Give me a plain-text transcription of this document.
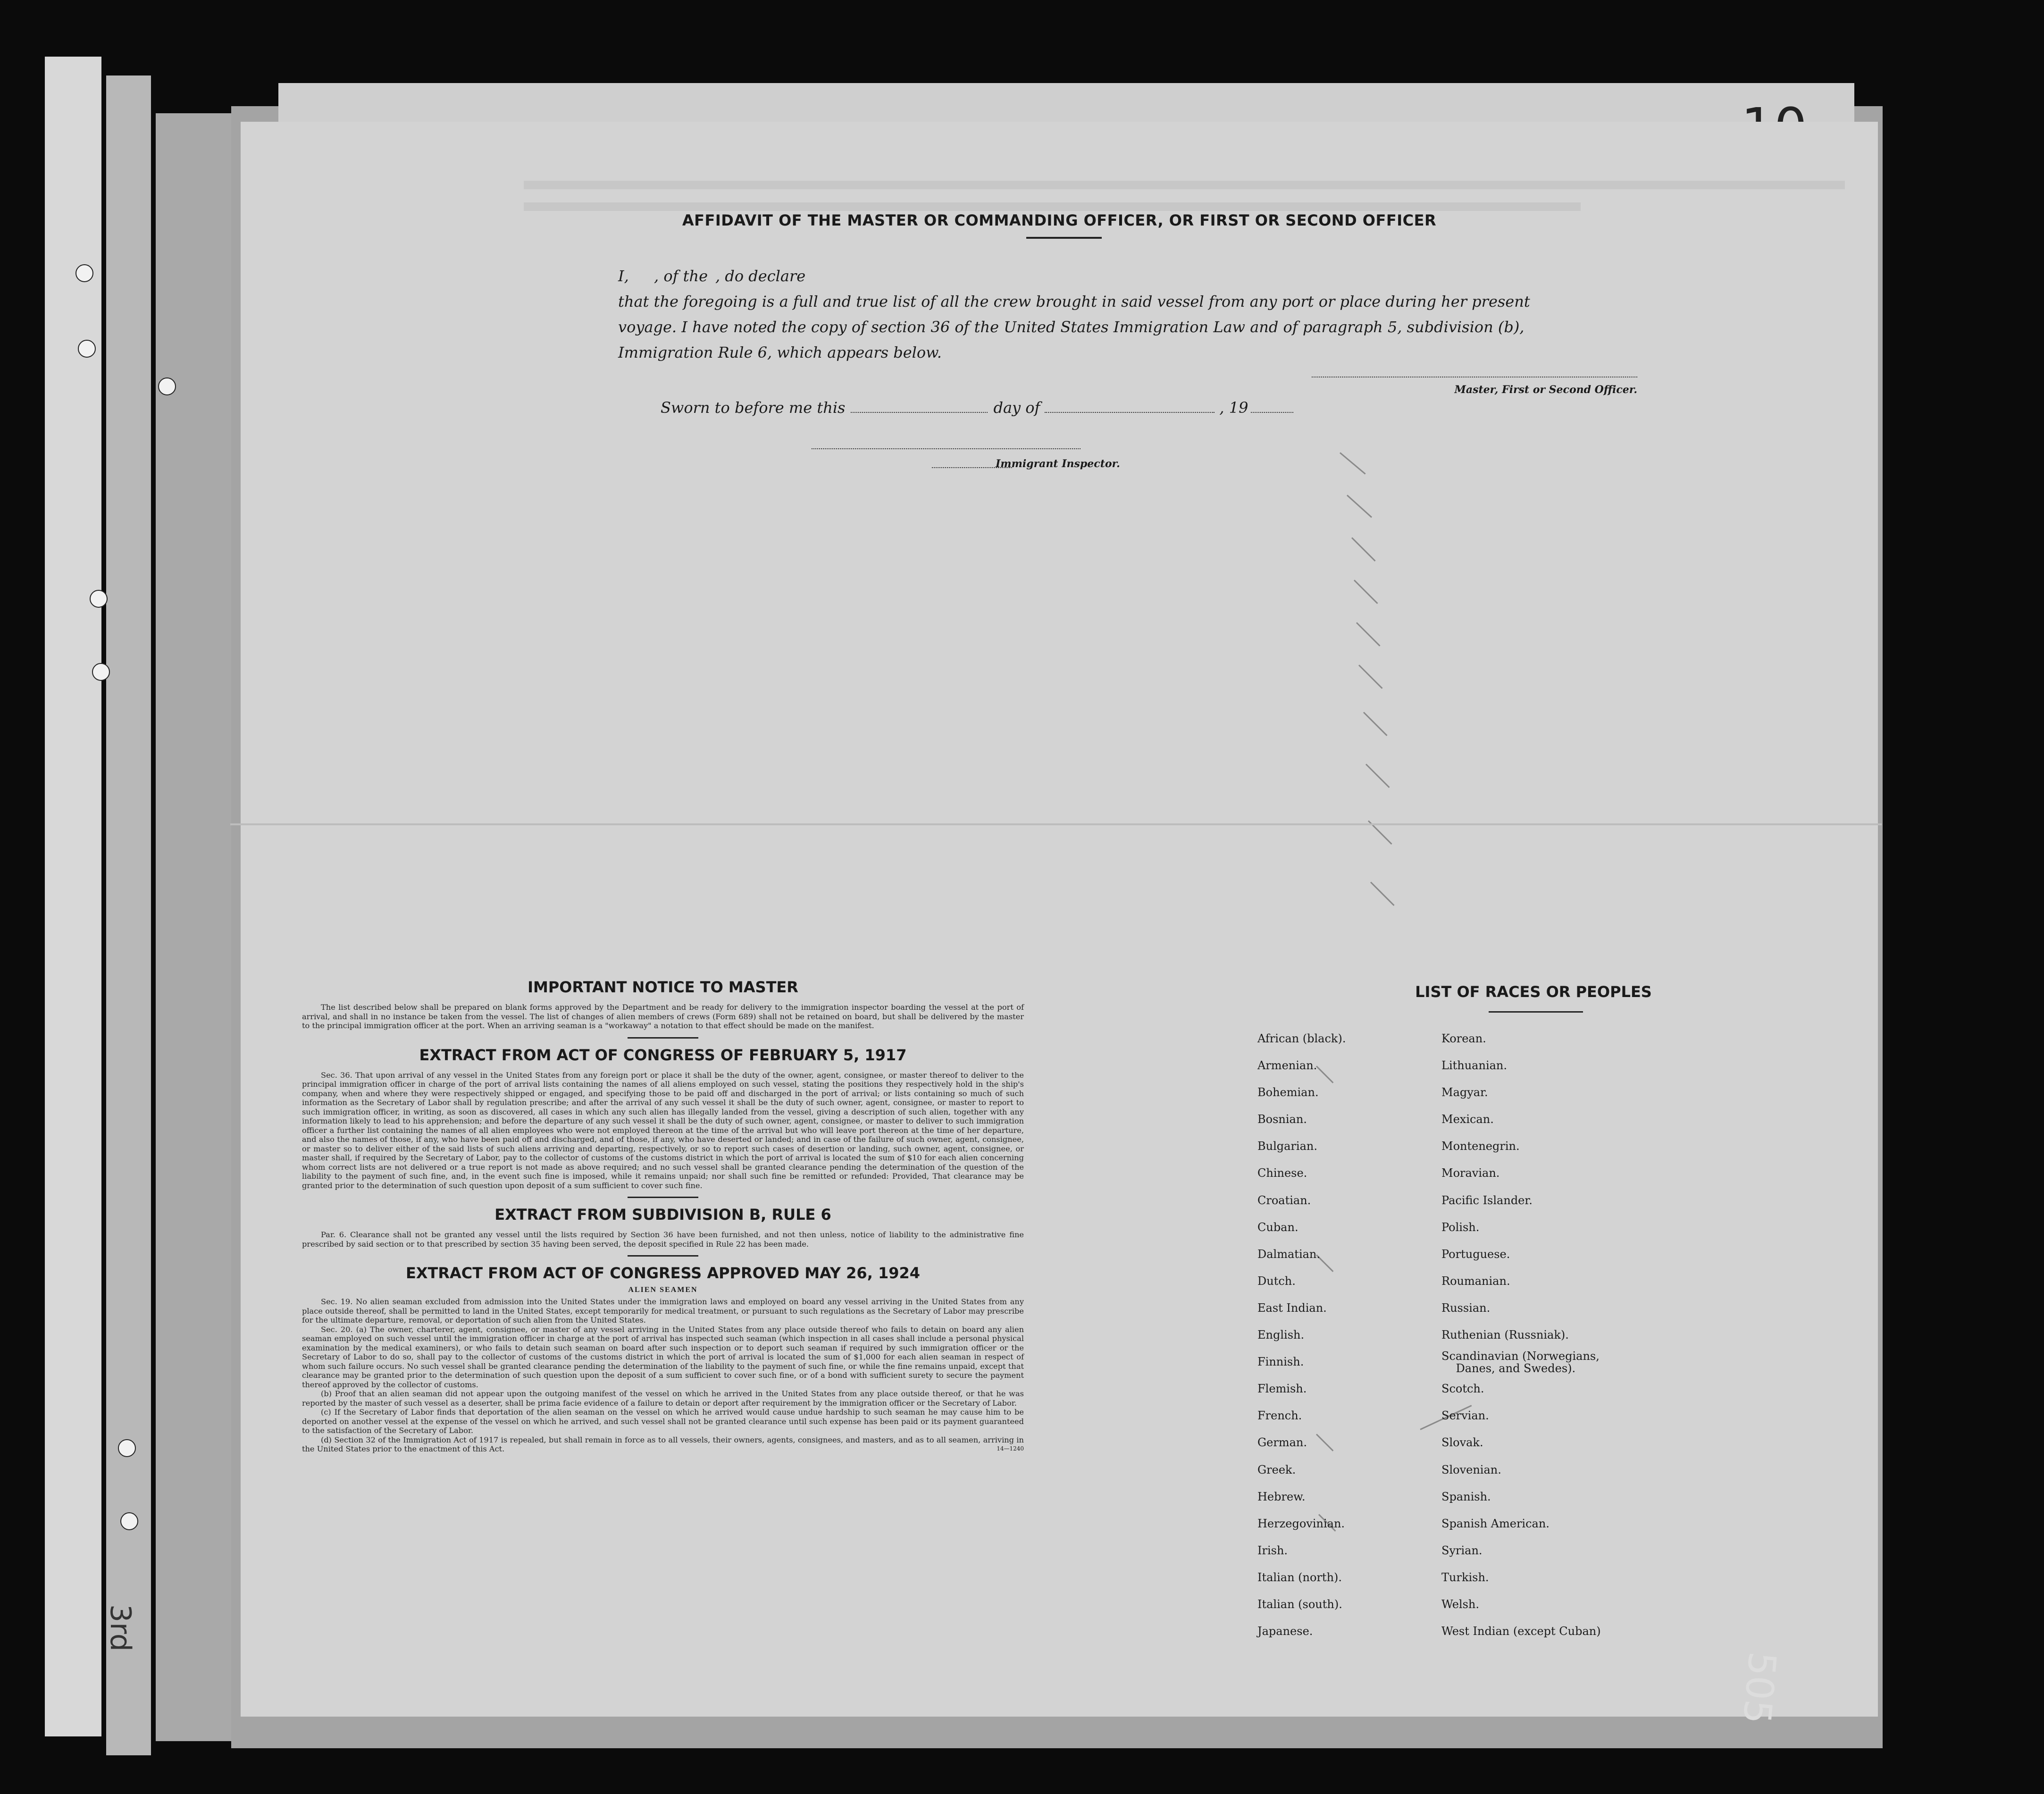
AFFIDAVIT OF THE MASTER OR COMMANDING OFFICER, OR FIRST OR SECOND OFFICER
I,	, of the , do declare

that the foregoing is a full and true list of all the crew brought in said vessel from any port or place during her present

voyage. I have noted the copy of section 36 of the United States Immigration Law and of paragraph 5, subdivision (b),

Immigration Rule 6, which appears below.

Master, First or Second Officer.
Sworn to before me this	day of	, 19
Immigrant Inspector.

IMPORTANT NOTICE TO MASTER

The list described below shall be prepared on blank forms approved by the Department and be ready for delivery to the immigration inspector boarding the vessel at the port of arrival, and shall in no instance be taken from the vessel. The list of changes of alien members of crews (Form 689) shall not be retained on board, but shall be delivered by the master to the principal immigration officer at the port. When an arriving seaman is a "workaway" a notation to that effect should be made on the manifest.

EXTRACT FROM ACT OF CONGRESS OF FEBRUARY 5, 1917

Sec. 36. That upon arrival of any vessel in the United States from any foreign port or place it shall be the duty of the owner, agent, consignee, or master thereof to deliver to the principal immigration officer in charge of the port of arrival lists containing the names of all aliens employed on such vessel, stating the positions they respectively hold in the ship's company, when and where they were respectively shipped or engaged, and specifying those to be paid off and discharged in the port of arrival; or lists containing so much of such information as the Secretary of Labor shall by regulation prescribe; and after the arrival of any such vessel it shall be the duty of such owner, agent, consignee, or master to report to such immigration officer, in writing, as soon as discovered, all cases in which any such alien has illegally landed from the vessel, giving a description of such alien, together with any information likely to lead to his apprehension; and before the departure of any such vessel it shall be the duty of such owner, agent, consignee, or master to deliver to such immigration officer a further list containing the names of all alien employees who were not employed thereon at the time of the arrival but who will leave port thereon at the time of her departure, and also the names of those, if any, who have been paid off and discharged, and of those, if any, who have deserted or landed; and in case of the failure of such owner, agent, consignee, or master so to deliver either of the said lists of such aliens arriving and departing, respectively, or so to report such cases of desertion or landing, such owner, agent, consignee, or master shall, if required by the Secretary of Labor, pay to the collector of customs of the customs district in which the port of arrival is located the sum of $10 for each alien concerning whom correct lists are not delivered or a true report is not made as above required; and no such vessel shall be granted clearance pending the determination of the question of the liability to the payment of such fine, and, in the event such fine is imposed, while it remains unpaid; nor shall such fine be remitted or refunded: Provided, That clearance may be granted prior to the determination of such question upon deposit of a sum sufficient to cover such fine.

EXTRACT FROM SUBDIVISION B, RULE 6

Par. 6. Clearance shall not be granted any vessel until the lists required by Section 36 have been furnished, and not then unless, notice of liability to the administrative fine prescribed by said section or to that prescribed by section 35 having been served, the deposit specified in Rule 22 has been made.

EXTRACT FROM ACT OF CONGRESS APPROVED MAY 26, 1924

ALIEN SEAMEN

Sec. 19. No alien seaman excluded from admission into the United States under the immigration laws and employed on board any vessel arriving in the United States from any place outside thereof, shall be permitted to land in the United States, except temporarily for medical treatment, or pursuant to such regulations as the Secretary of Labor may prescribe for the ultimate departure, removal, or deportation of such alien from the United States.

Sec. 20. (a) The owner, charterer, agent, consignee, or master of any vessel arriving in the United States from any place outside thereof who fails to detain on board any alien seaman employed on such vessel until the immigration officer in charge at the port of arrival has inspected such seaman (which inspection in all cases shall include a personal physical examination by the medical examiners), or who fails to detain such seaman on board after such inspection or to deport such seaman if required by such immigration officer or the Secretary of Labor to do so, shall pay to the collector of customs of the customs district in which the port of arrival is located the sum of $1,000 for each alien seaman in respect of whom such failure occurs. No such vessel shall be granted clearance pending the determination of the liability to the payment of such fine, or while the fine remains unpaid, except that clearance may be granted prior to the determination of such question upon the deposit of a sum sufficient to cover such fine, or of a bond with sufficient surety to secure the payment thereof approved by the collector of customs.

(b) Proof that an alien seaman did not appear upon the outgoing manifest of the vessel on which he arrived in the United States from any place outside thereof, or that he was reported by the master of such vessel as a deserter, shall be prima facie evidence of a failure to detain or deport after requirement by the immigration officer or the Secretary of Labor.

(c) If the Secretary of Labor finds that deportation of the alien seaman on the vessel on which he arrived would cause undue hardship to such seaman he may cause him to be deported on another vessel at the expense of the vessel on which he arrived, and such vessel shall not be granted clearance until such expense has been paid or its payment guaranteed to the satisfaction of the Secretary of Labor.

(d) Section 32 of the Immigration Act of 1917 is repealed, but shall remain in force as to all vessels, their owners, agents, consignees, and masters, and as to all seamen, arriving in the United States prior to the enactment of this Act.	14—1240
LIST OF RACES OR PEOPLES
African (black).
Armenian.
Bohemian.
Bosnian.
Bulgarian.
Chinese.
Croatian.
Cuban.
Dalmatian.
Dutch.
East Indian.
English.
Finnish.
Flemish.
French.
German.
Greek.
Hebrew.
Herzegovinian.
Irish.
Italian (north).
Italian (south).
Japanese.
Korean.
Lithuanian.
Magyar.
Mexican.
Montenegrin.
Moravian.
Pacific Islander.
Polish.
Portuguese.
Roumanian.
Russian.
Ruthenian (Russniak).
Scandinavian (Norwegians,
Danes, and Swedes).
Scotch.
Servian.
Slovak.
Slovenian.
Spanish.
Spanish American.
Syrian.
Turkish.
Welsh.
West Indian (except Cuban)
505
3rd
